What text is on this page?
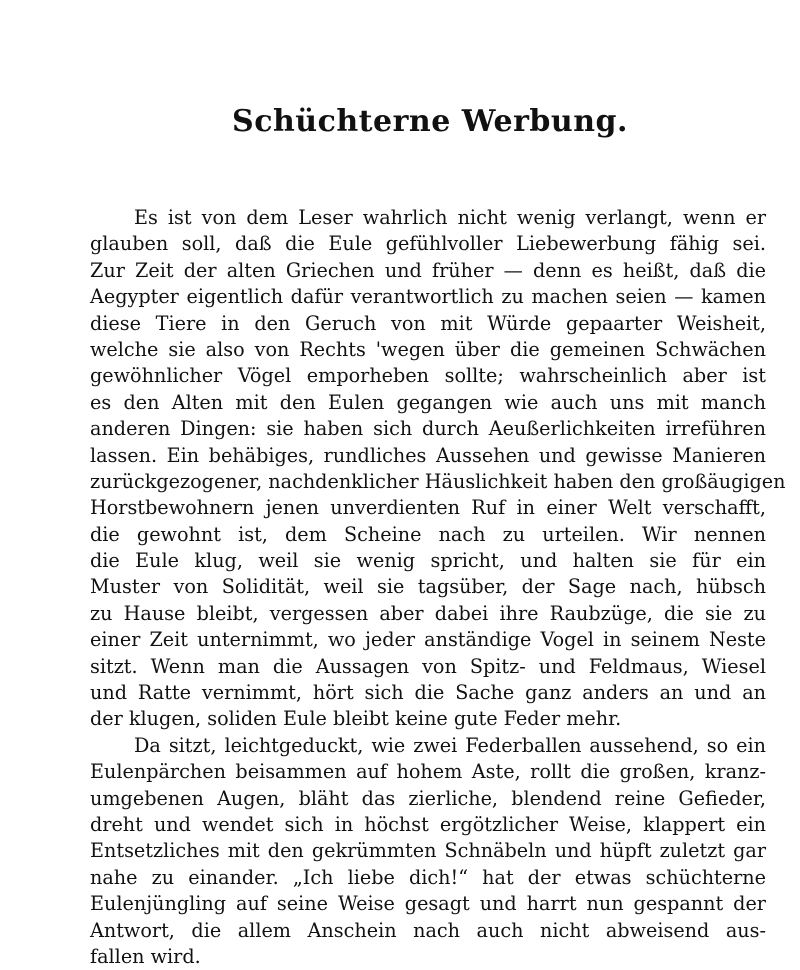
Schüchterne Werbung.
Es ist von dem Leser wahrlich nicht wenig verlangt, wenn er
glauben soll, daß die Eule gefühlvoller Liebewerbung fähig sei.
Zur Zeit der alten Griechen und früher — denn es heißt, daß die
Aegypter eigentlich dafür verantwortlich zu machen seien — kamen
diese Tiere in den Geruch von mit Würde gepaarter Weisheit,
welche sie also von Rechts 'wegen über die gemeinen Schwächen
gewöhnlicher Vögel emporheben sollte; wahrscheinlich aber ist
es den Alten mit den Eulen gegangen wie auch uns mit manch
anderen Dingen: sie haben sich durch Aeußerlichkeiten irreführen
lassen. Ein behäbiges, rundliches Aussehen und gewisse Manieren
zurückgezogener, nachdenklicher Häuslichkeit haben den großäugigen
Horstbewohnern jenen unverdienten Ruf in einer Welt verschafft,
die gewohnt ist, dem Scheine nach zu urteilen. Wir nennen
die Eule klug, weil sie wenig spricht, und halten sie für ein
Muster von Solidität, weil sie tagsüber, der Sage nach, hübsch
zu Hause bleibt, vergessen aber dabei ihre Raubzüge, die sie zu
einer Zeit unternimmt, wo jeder anständige Vogel in seinem Neste
sitzt. Wenn man die Aussagen von Spitz- und Feldmaus, Wiesel
und Ratte vernimmt, hört sich die Sache ganz anders an und an
der klugen, soliden Eule bleibt keine gute Feder mehr.
Da sitzt, leichtgeduckt, wie zwei Federballen aussehend, so ein
Eulenpärchen beisammen auf hohem Aste, rollt die großen, kranz-
umgebenen Augen, bläht das zierliche, blendend reine Gefieder,
dreht und wendet sich in höchst ergötzlicher Weise, klappert ein
Entsetzliches mit den gekrümmten Schnäbeln und hüpft zuletzt gar
nahe zu einander. „Ich liebe dich!“ hat der etwas schüchterne
Eulenjüngling auf seine Weise gesagt und harrt nun gespannt der
Antwort, die allem Anschein nach auch nicht abweisend aus-
fallen wird.
